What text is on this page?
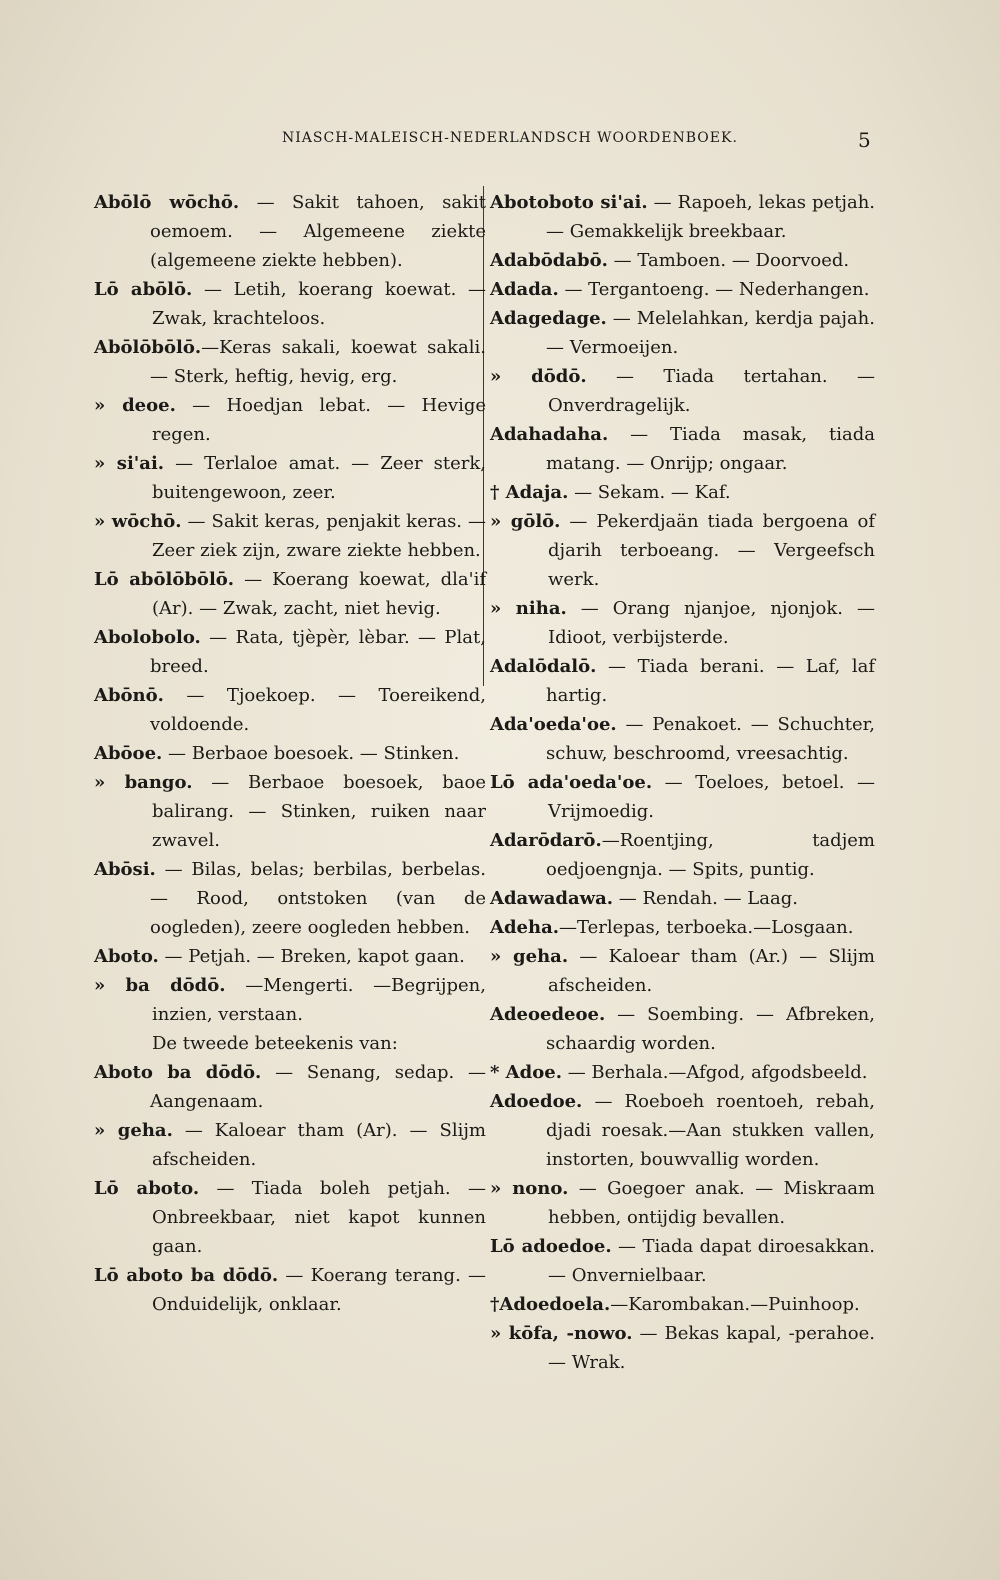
NIASCH-MALEISCH-NEDERLANDSCH WOORDENBOEK.	5

Abōlō wōchō. — Sakit tahoen, sakit oemoem. — Algemeene ziekte (algemeene ziekte hebben).

Lō abōlō. — Letih, koerang koewat. — Zwak, krachteloos.

Abōlōbōlō.—Keras sakali, koewat sakali. — Sterk, heftig, hevig, erg.

» deoe. — Hoedjan lebat. — Hevige regen.

» si'ai. — Terlaloe amat. — Zeer sterk, buitengewoon, zeer.

» wōchō. — Sakit keras, penjakit keras. — Zeer ziek zijn, zware ziekte hebben.

Lō abōlōbōlō. — Koerang koewat, dla'if (Ar). — Zwak, zacht, niet hevig.

Abolobolo. — Rata, tjèpèr, lèbar. — Plat, breed.

Abōnō. — Tjoekoep. — Toereikend, voldoende.

Abōoe. — Berbaoe boesoek. — Stinken.

» bango. — Berbaoe boesoek, baoe balirang. — Stinken, ruiken naar zwavel.

Abōsi. — Bilas, belas; berbilas, berbelas. — Rood, ontstoken (van de oogleden), zeere oogleden hebben.

Aboto. — Petjah. — Breken, kapot gaan.

» ba dōdō. —Mengerti. —Begrijpen, inzien, verstaan.

De tweede beteekenis van:

Aboto ba dōdō. — Senang, sedap. — Aangenaam.

» geha. — Kaloear tham (Ar). — Slijm afscheiden.

Lō aboto. — Tiada boleh petjah. — Onbreekbaar, niet kapot kunnen gaan.

Lō aboto ba dōdō. — Koerang terang. — Onduidelijk, onklaar.

Abotoboto si'ai. — Rapoeh, lekas petjah. — Gemakkelijk breekbaar.

Adabōdabō. — Tamboen. — Doorvoed.

Adada. — Tergantoeng. — Nederhangen.

Adagedage. — Melelahkan, kerdja pajah. — Vermoeijen.

» dōdō. — Tiada tertahan. — Onverdragelijk.

Adahadaha. — Tiada masak, tiada matang. — Onrijp; ongaar.

† Adaja. — Sekam. — Kaf.

» gōlō. — Pekerdjaän tiada bergoena of djarih terboeang. — Vergeefsch werk.

» niha. — Orang njanjoe, njonjok. — Idioot, verbijsterde.

Adalōdalō. — Tiada berani. — Laf, laf hartig.

Ada'oeda'oe. — Penakoet. — Schuchter, schuw, beschroomd, vreesachtig.

Lō ada'oeda'oe. — Toeloes, betoel. — Vrijmoedig.

Adarōdarō.—Roentjing, tadjem oedjoengnja. — Spits, puntig.

Adawadawa. — Rendah. — Laag.

Adeha.—Terlepas, terboeka.—Losgaan.

» geha. — Kaloear tham (Ar.) — Slijm afscheiden.

Adeoedeoe. — Soembing. — Afbreken, schaardig worden.

* Adoe. — Berhala.—Afgod, afgodsbeeld.

Adoedoe. — Roeboeh roentoeh, rebah, djadi roesak.—Aan stukken vallen, instorten, bouwvallig worden.

» nono. — Goegoer anak. — Miskraam hebben, ontijdig bevallen.

Lō adoedoe. — Tiada dapat diroesakkan. — Onvernielbaar.

†Adoedoela.—Karombakan.—Puinhoop.

» kōfa, -nowo. — Bekas kapal, -perahoe. — Wrak.
